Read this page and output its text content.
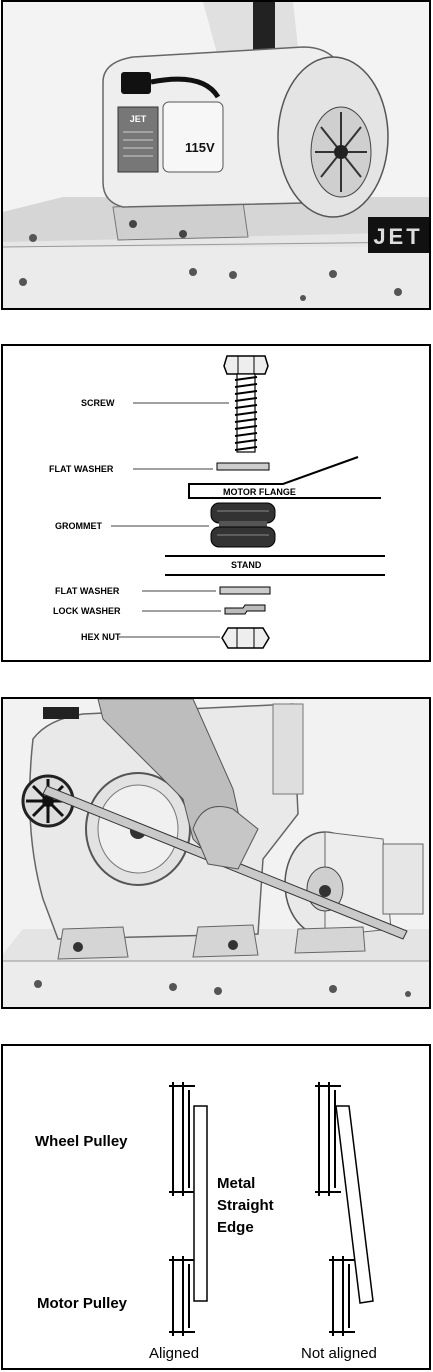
JET
115V
JET
SCREW
FLAT WASHER
MOTOR FLANGE
GROMMET
STAND
FLAT WASHER
LOCK WASHER
HEX NUT
Wheel Pulley
Motor Pulley
Metal
Straight
Edge
Aligned	Not aligned
